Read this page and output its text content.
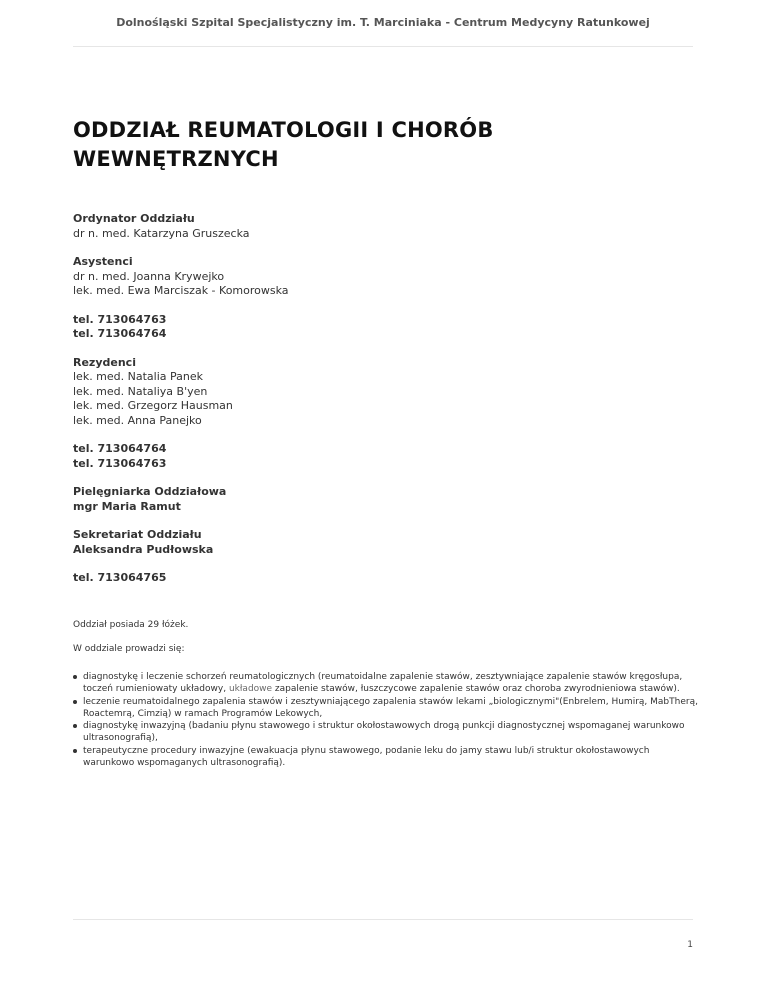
Dolnośląski Szpital Specjalistyczny im. T. Marciniaka - Centrum Medycyny Ratunkowej
ODDZIAŁ REUMATOLOGII I CHORÓB WEWNĘTRZNYCH
Ordynator Oddziału
dr n. med. Katarzyna Gruszecka
Asystenci
dr n. med. Joanna Krywejko
lek. med. Ewa Marciszak - Komorowska
tel. 713064763
tel. 713064764
Rezydenci
lek. med. Natalia Panek
lek. med. Nataliya B'yen
lek. med. Grzegorz Hausman
lek. med. Anna Panejko
tel. 713064764
tel. 713064763
Pielęgniarka Oddziałowa
mgr Maria Ramut
Sekretariat Oddziału
Aleksandra Pudłowska
tel. 713064765
Oddział posiada 29 łóżek.
W oddziale prowadzi się:
diagnostykę i leczenie schorzeń reumatologicznych (reumatoidalne zapalenie stawów, zesztywniające zapalenie stawów kręgosłupa, toczeń rumieniowaty układowy, układowe zapalenie stawów, łuszczycowe zapalenie stawów oraz choroba zwyrodnieniowa stawów).
leczenie reumatoidalnego zapalenia stawów i zesztywniającego zapalenia stawów lekami „biologicznymi"(Enbrelem, Humirą, MabTherą, Roactemrą, Cimzią) w ramach Programów Lekowych,
diagnostykę inwazyjną (badaniu płynu stawowego i struktur okołostawowych drogą punkcji diagnostycznej wspomaganej warunkowo ultrasonografią),
terapeutyczne procedury inwazyjne (ewakuacja płynu stawowego, podanie leku do jamy stawu lub/i struktur okołostawowych warunkowo wspomaganych ultrasonografią).
1
